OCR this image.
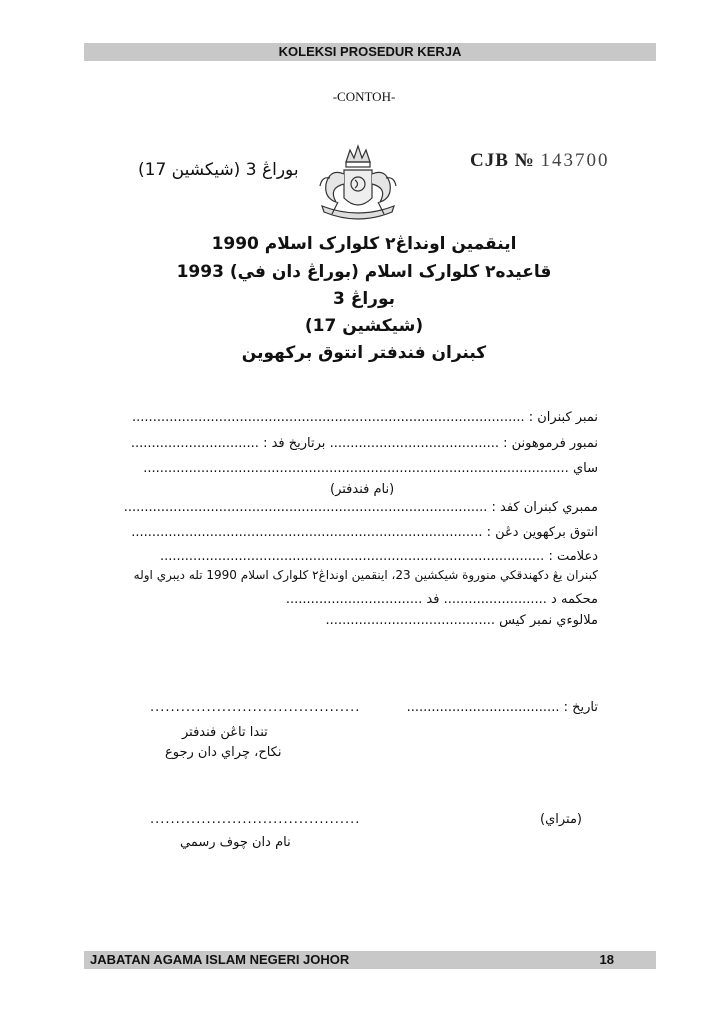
KOLEKSI PROSEDUR KERJA
-CONTOH-
CJB № 143700
بوراڠ 3 (شيکشين 17)
اينقمين اونداڠ٢ کلوارک اسلام 1990
قاعيده٢ کلوارک اسلام (بوراڠ دان في) 1993
بوراڠ 3
(شيکشين 17)
کبنران فندفتر انتوق برکهوين
نمبر کبنران : ...............................................................................................
نمبور فرموهونن : ......................................... برتاريخ فد : ...............................
ساي .......................................................................................................
(نام فندفتر)
ممبري کبنران کفد : ........................................................................................
انتوق برکهوين دڠن : .....................................................................................
دعلامت : .............................................................................................
کبنران يڠ دکهندقکي منوروة شيکشين 23، اينقمين اونداڠ٢ کلوارک اسلام 1990 تله ديبري اوله
محکمه د ......................... فد .................................
ملالوءي نمبر کيس .........................................
تاريخ : .....................................
.........................................
تندا تاڠن فندفتر
نکاح، چراي دان رجوع
(متراي)
.........................................
نام دان چوف رسمي
JABATAN AGAMA ISLAM NEGERI JOHOR	18
